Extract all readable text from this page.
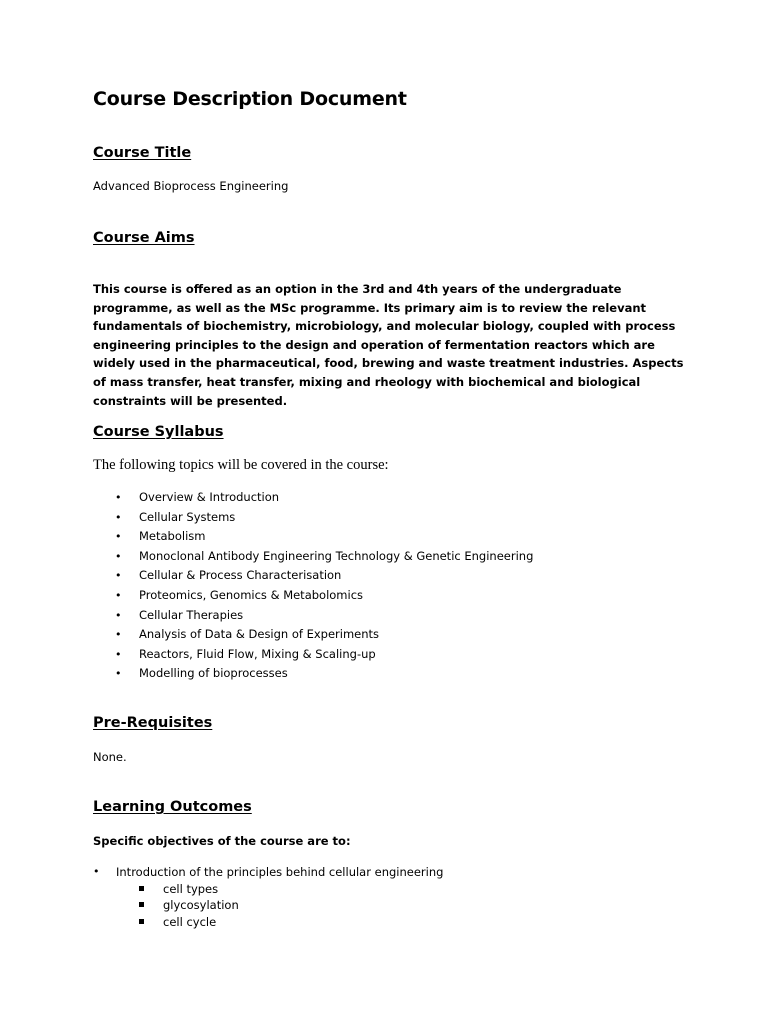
Course Description Document
Course Title

Advanced Bioprocess Engineering

Course Aims

This course is offered as an option in the 3rd and 4th years of the undergraduate programme, as well as the MSc programme. Its primary aim is to review the relevant fundamentals of biochemistry, microbiology, and molecular biology, coupled with process engineering principles to the design and operation of fermentation reactors which are widely used in the pharmaceutical, food, brewing and waste treatment industries. Aspects of mass transfer, heat transfer, mixing and rheology with biochemical and biological constraints will be presented.

Course Syllabus

The following topics will be covered in the course:

• Overview & Introduction
• Cellular Systems
• Metabolism
• Monoclonal Antibody Engineering Technology & Genetic Engineering
• Cellular & Process Characterisation
• Proteomics, Genomics & Metabolomics
• Cellular Therapies
• Analysis of Data & Design of Experiments
• Reactors, Fluid Flow, Mixing & Scaling-up
• Modelling of bioprocesses
Pre-Requisites

None.

Learning Outcomes

Specific objectives of the course are to:

• Introduction of the principles behind cellular engineering
cell types
glycosylation
cell cycle
